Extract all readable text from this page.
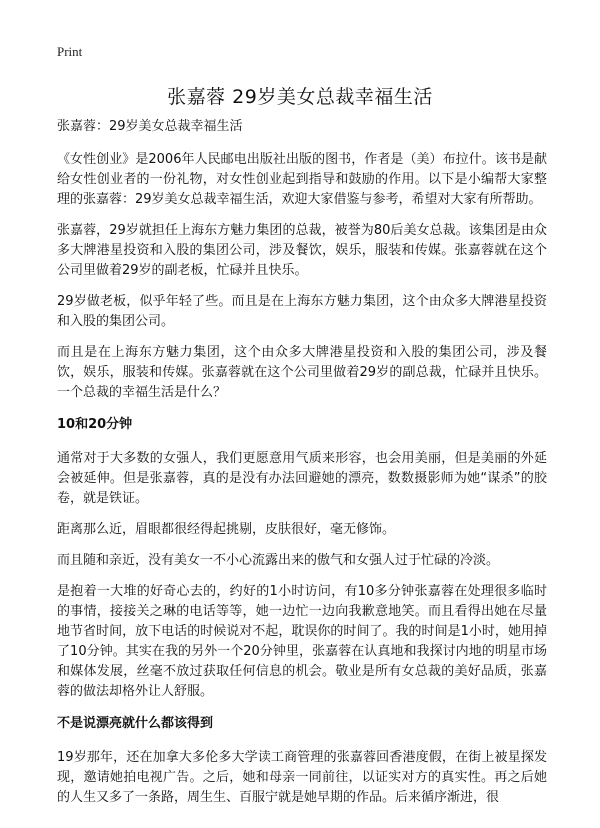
Print
张嘉蓉 29岁美女总裁幸福生活

张嘉蓉：29岁美女总裁幸福生活

《女性创业》是2006年人民邮电出版社出版的图书，作者是（美）布拉什。该书是献给女性创业者的一份礼物，对女性创业起到指导和鼓励的作用。以下是小编帮大家整理的张嘉蓉：29岁美女总裁幸福生活，欢迎大家借鉴与参考，希望对大家有所帮助。

张嘉蓉，29岁就担任上海东方魅力集团的总裁，被誉为80后美女总裁。该集团是由众多大牌港星投资和入股的集团公司，涉及餐饮，娱乐，服装和传媒。张嘉蓉就在这个公司里做着29岁的副老板，忙碌并且快乐。

29岁做老板，似乎年轻了些。而且是在上海东方魅力集团，这个由众多大牌港星投资和入股的集团公司。

而且是在上海东方魅力集团，这个由众多大牌港星投资和入股的集团公司，涉及餐饮，娱乐，服装和传媒。张嘉蓉就在这个公司里做着29岁的副总裁，忙碌并且快乐。一个总裁的幸福生活是什么？

10和20分钟

通常对于大多数的女强人，我们更愿意用气质来形容，也会用美丽，但是美丽的外延会被延伸。但是张嘉蓉，真的是没有办法回避她的漂亮，数数摄影师为她“谋杀”的胶卷，就是铁证。

距离那么近，眉眼都很经得起挑剔，皮肤很好，毫无修饰。

而且随和亲近，没有美女一不小心流露出来的傲气和女强人过于忙碌的冷淡。

是抱着一大堆的好奇心去的，约好的1小时访问，有10多分钟张嘉蓉在处理很多临时的事情，接接关之琳的电话等等，她一边忙一边向我歉意地笑。而且看得出她在尽量地节省时间，放下电话的时候说对不起，耽误你的时间了。我的时间是1小时，她用掉了10分钟。其实在我的另外一个20分钟里，张嘉蓉在认真地和我探讨内地的明星市场和媒体发展，丝毫不放过获取任何信息的机会。敬业是所有女总裁的美好品质，张嘉蓉的做法却格外让人舒服。

不是说漂亮就什么都该得到

19岁那年，还在加拿大多伦多大学读工商管理的张嘉蓉回香港度假，在街上被星探发现，邀请她拍电视广告。之后，她和母亲一同前往，以证实对方的真实性。再之后她的人生又多了一条路，周生生、百服宁就是她早期的作品。后来循序渐进，很
